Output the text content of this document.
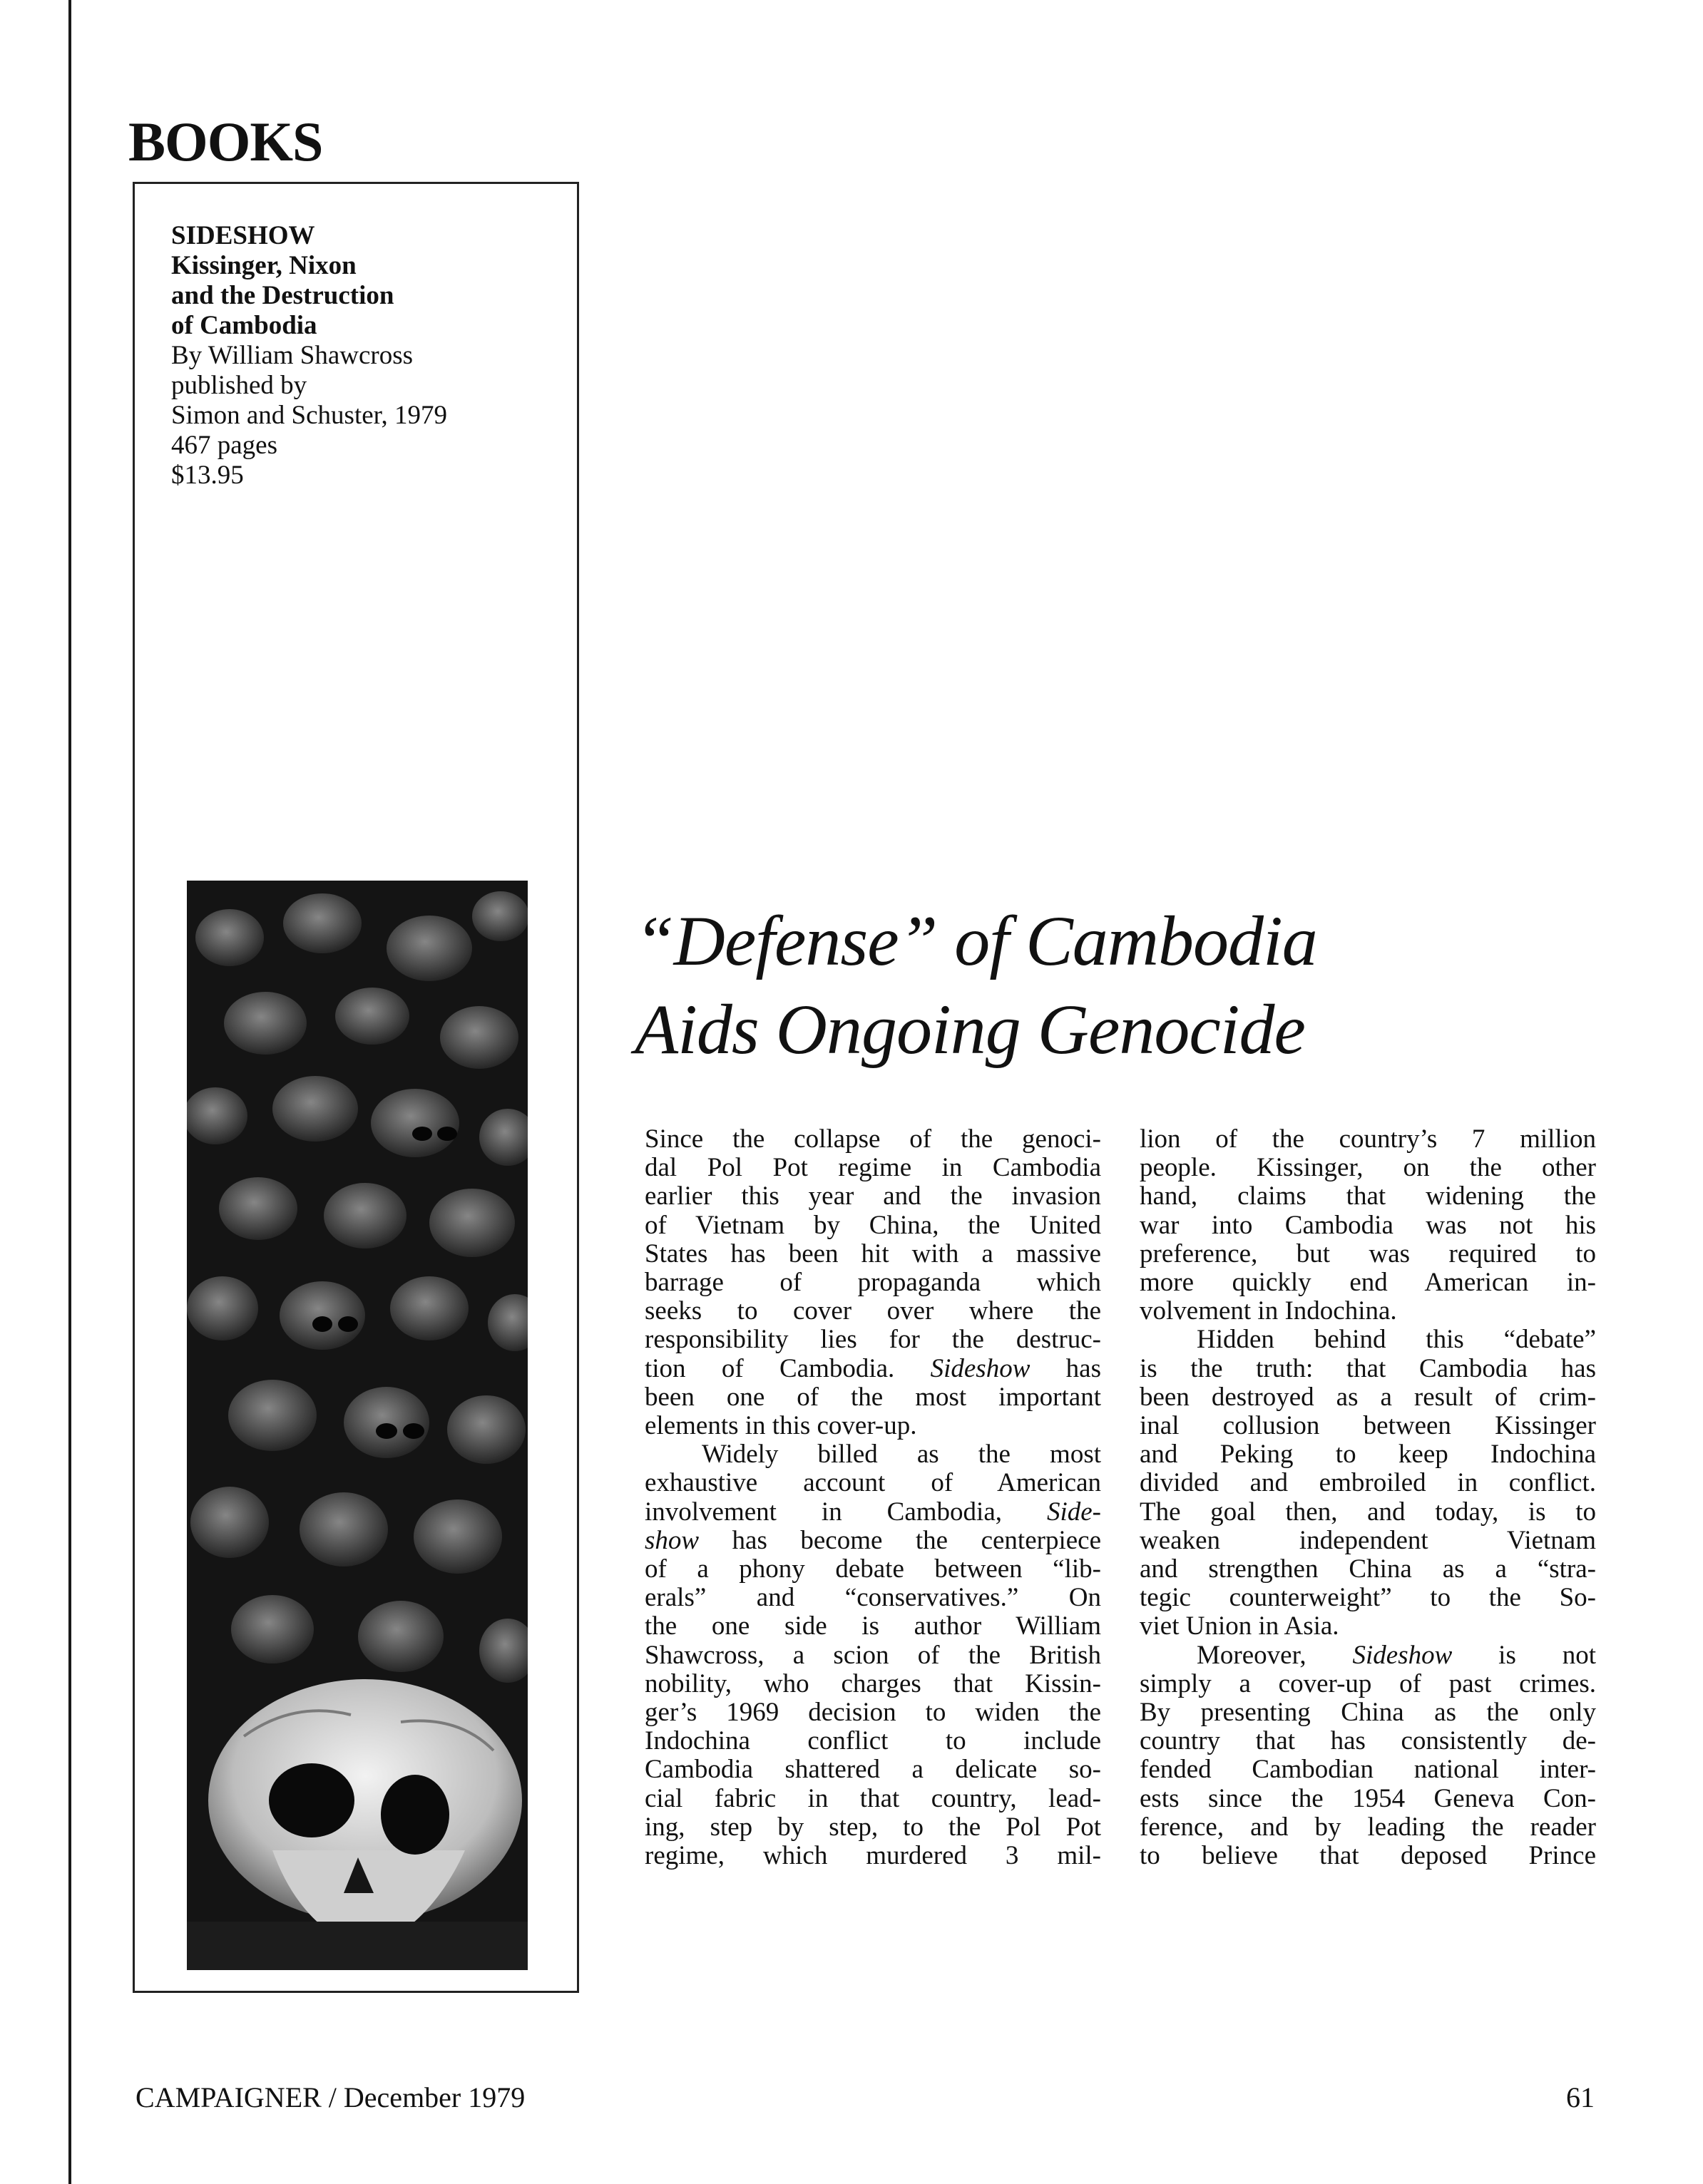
BOOKS
SIDESHOW
Kissinger, Nixon
and the Destruction
of Cambodia
By William Shawcross
published by
Simon and Schuster, 1979
467 pages
$13.95
“Defense” of Cambodia
Aids Ongoing Genocide
Since the collapse of the genoci-
dal Pol Pot regime in Cambodia
earlier this year and the invasion
of Vietnam by China, the United
States has been hit with a massive
barrage of propaganda which
seeks to cover over where the
responsibility lies for the destruc-
tion of Cambodia. Sideshow has
been one of the most important
elements in this cover-up.
Widely billed as the most
exhaustive account of American
involvement in Cambodia, Side-
show has become the centerpiece
of a phony debate between “lib-
erals” and “conservatives.” On
the one side is author William
Shawcross, a scion of the British
nobility, who charges that Kissin-
ger’s 1969 decision to widen the
Indochina conflict to include
Cambodia shattered a delicate so-
cial fabric in that country, lead-
ing, step by step, to the Pol Pot
regime, which murdered 3 mil-
lion of the country’s 7 million
people. Kissinger, on the other
hand, claims that widening the
war into Cambodia was not his
preference, but was required to
more quickly end American in-
volvement in Indochina.
Hidden behind this “debate”
is the truth: that Cambodia has
been destroyed as a result of crim-
inal collusion between Kissinger
and Peking to keep Indochina
divided and embroiled in conflict.
The goal then, and today, is to
weaken independent Vietnam
and strengthen China as a “stra-
tegic counterweight” to the So-
viet Union in Asia.
Moreover, Sideshow is not
simply a cover-up of past crimes.
By presenting China as the only
country that has consistently de-
fended Cambodian national inter-
ests since the 1954 Geneva Con-
ference, and by leading the reader
to believe that deposed Prince
CAMPAIGNER / December 1979	61
